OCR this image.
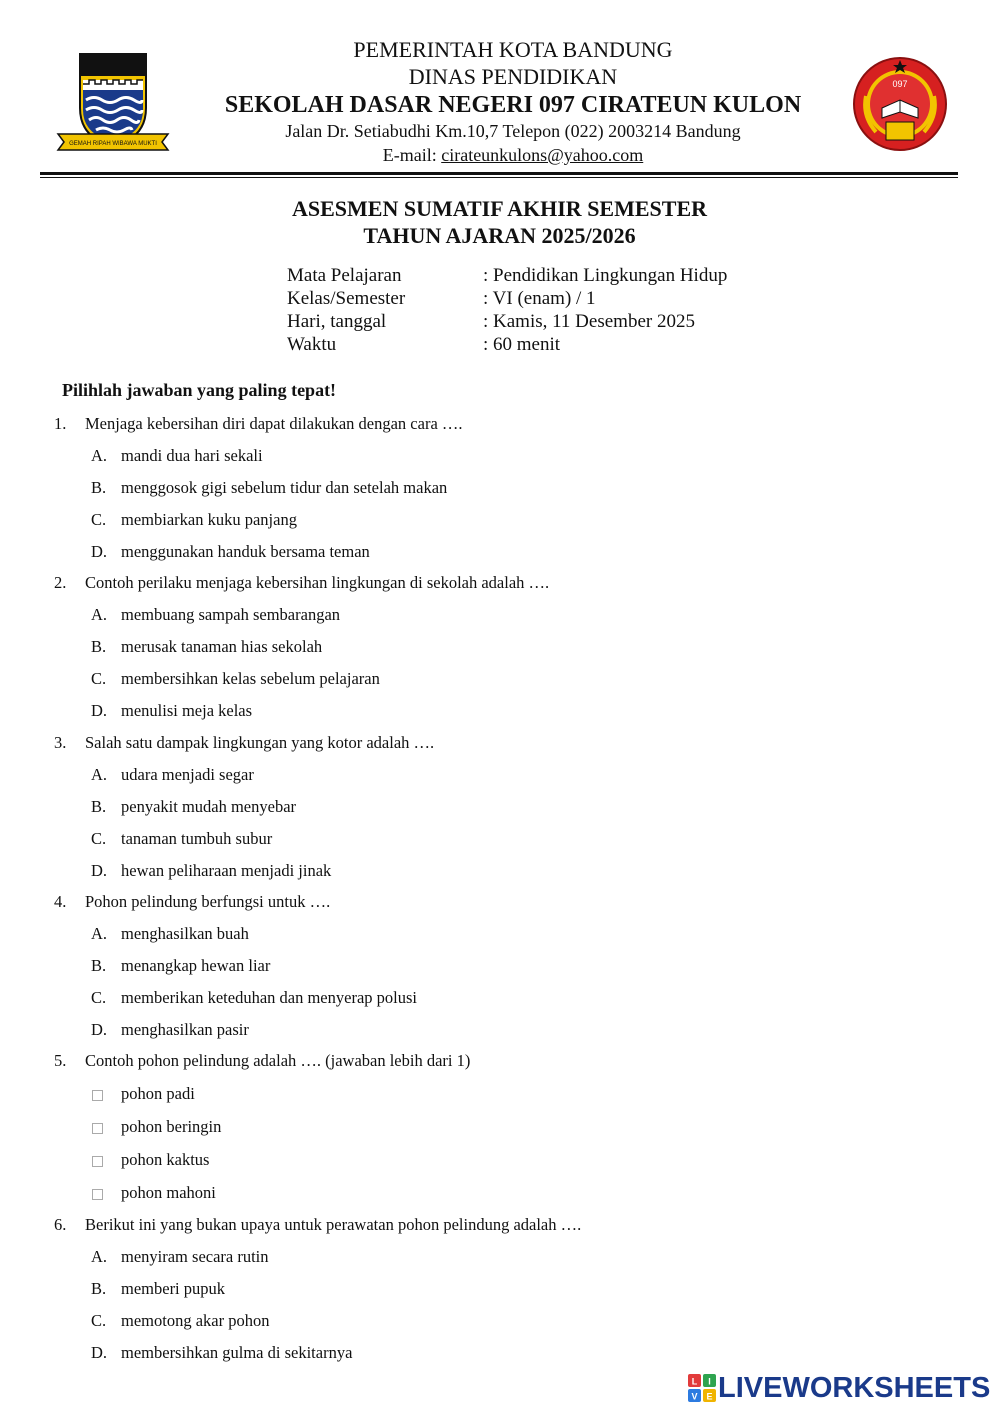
GEMAH RIPAH WIBAWA MUKTI
097
PEMERINTAH KOTA BANDUNG
DINAS PENDIDIKAN
SEKOLAH DASAR NEGERI 097 CIRATEUN KULON
Jalan Dr. Setiabudhi Km.10,7 Telepon (022) 2003214 Bandung
E-mail: cirateunkulons@yahoo.com
ASESMEN SUMATIF AKHIR SEMESTER
TAHUN AJARAN 2025/2026
Mata Pelajaran	: Pendidikan Lingkungan Hidup
Kelas/Semester	: VI (enam) / 1
Hari, tanggal	: Kamis, 11 Desember 2025
Waktu	: 60 menit
Pilihlah jawaban yang paling tepat!
1. Menjaga kebersihan diri dapat dilakukan dengan cara ….
A. mandi dua hari sekali
B. menggosok gigi sebelum tidur dan setelah makan
C. membiarkan kuku panjang
D. menggunakan handuk bersama teman
2. Contoh perilaku menjaga kebersihan lingkungan di sekolah adalah ….
A. membuang sampah sembarangan
B. merusak tanaman hias sekolah
C. membersihkan kelas sebelum pelajaran
D. menulisi meja kelas
3. Salah satu dampak lingkungan yang kotor adalah ….
A. udara menjadi segar
B. penyakit mudah menyebar
C. tanaman tumbuh subur
D. hewan peliharaan menjadi jinak
4. Pohon pelindung berfungsi untuk ….
A. menghasilkan buah
B. menangkap hewan liar
C. memberikan keteduhan dan menyerap polusi
D. menghasilkan pasir
5. Contoh pohon pelindung adalah …. (jawaban lebih dari 1)
pohon padi
pohon beringin
pohon kaktus
pohon mahoni
6. Berikut ini yang bukan upaya untuk perawatan pohon pelindung adalah ….
A. menyiram secara rutin
B. memberi pupuk
C. memotong akar pohon
D. membersihkan gulma di sekitarnya
L I
V E LIVEWORKSHEETS
